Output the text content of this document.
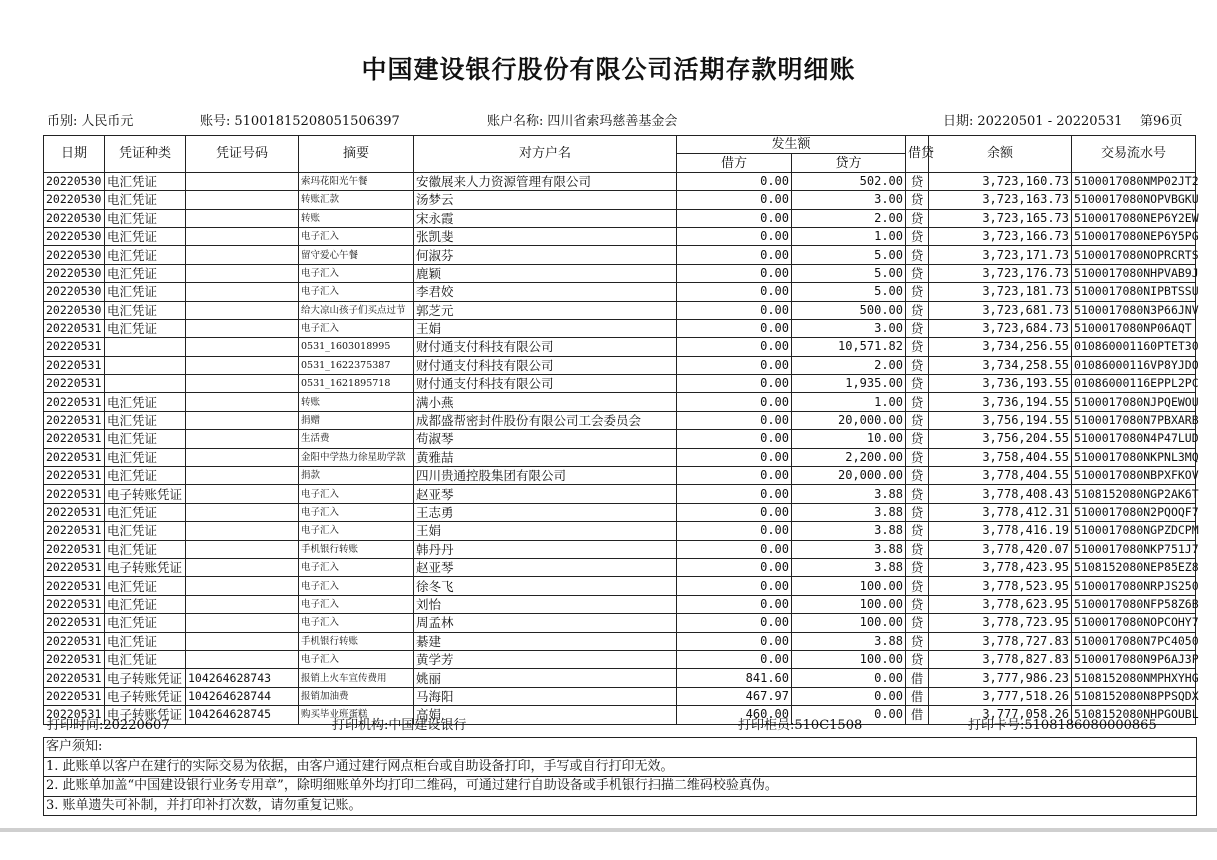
中国建设银行股份有限公司活期存款明细账
币别: 人民币元	账号: 51001815208051506397	账户名称: 四川省索玛慈善基金会	日期: 20220501 - 20220531 第96页
日期	凭证种类	凭证号码	摘要	对方户名	发生额		借贷	余额	交易流水号
					借方	贷方			
20220530	电汇凭证		索玛花阳光午餐	安徽展来人力资源管理有限公司	0.00	502.00	贷	3,723,160.73	5100017080NMP02JT2
20220530	电汇凭证		转账汇款	汤梦云	0.00	3.00	贷	3,723,163.73	5100017080NOPVBGKU
20220530	电汇凭证		转账	宋永霞	0.00	2.00	贷	3,723,165.73	5100017080NEP6Y2EW
20220530	电汇凭证		电子汇入	张凯斐	0.00	1.00	贷	3,723,166.73	5100017080NEP6Y5PG
20220530	电汇凭证		留守爱心午餐	何淑芬	0.00	5.00	贷	3,723,171.73	5100017080NOPRCRTS
20220530	电汇凭证		电子汇入	鹿颖	0.00	5.00	贷	3,723,176.73	5100017080NHPVAB9J
20220530	电汇凭证		电子汇入	李君姣	0.00	5.00	贷	3,723,181.73	5100017080NIPBTSSU
20220530	电汇凭证		给大凉山孩子们买点过节	郭芝元	0.00	500.00	贷	3,723,681.73	5100017080N3P66JNV
20220531	电汇凭证		电子汇入	王娟	0.00	3.00	贷	3,723,684.73	5100017080NP06AQT
20220531			0531_1603018995	财付通支付科技有限公司	0.00	10,571.82	贷	3,734,256.55	010860001160PTET30
20220531			0531_1622375387	财付通支付科技有限公司	0.00	2.00	贷	3,734,258.55	01086000116VP8YJDO
20220531			0531_1621895718	财付通支付科技有限公司	0.00	1,935.00	贷	3,736,193.55	01086000116EPPL2PC
20220531	电汇凭证		转账	满小燕	0.00	1.00	贷	3,736,194.55	5100017080NJPQEWOU
20220531	电汇凭证		捐赠	成都盛帮密封件股份有限公司工会委员会	0.00	20,000.00	贷	3,756,194.55	5100017080N7PBXARB
20220531	电汇凭证		生活费	苟淑琴	0.00	10.00	贷	3,756,204.55	5100017080N4P47LUD
20220531	电汇凭证		金阳中学热力徐星助学款	黄雅喆	0.00	2,200.00	贷	3,758,404.55	5100017080NKPNL3MQ
20220531	电汇凭证		捐款	四川贵通控股集团有限公司	0.00	20,000.00	贷	3,778,404.55	5100017080NBPXFKOV
20220531	电子转账凭证		电子汇入	赵亚琴	0.00	3.88	贷	3,778,408.43	5108152080NGP2AK6T
20220531	电汇凭证		电子汇入	王志勇	0.00	3.88	贷	3,778,412.31	5100017080N2PQOQF7
20220531	电汇凭证		电子汇入	王娟	0.00	3.88	贷	3,778,416.19	5100017080NGPZDCPM
20220531	电汇凭证		手机银行转账	韩丹丹	0.00	3.88	贷	3,778,420.07	5100017080NKP751J7
20220531	电子转账凭证		电子汇入	赵亚琴	0.00	3.88	贷	3,778,423.95	5108152080NEP85EZ8
20220531	电汇凭证		电子汇入	徐冬飞	0.00	100.00	贷	3,778,523.95	5100017080NRPJS250
20220531	电汇凭证		电子汇入	刘怡	0.00	100.00	贷	3,778,623.95	5100017080NFP58Z6B
20220531	电汇凭证		电子汇入	周孟林	0.00	100.00	贷	3,778,723.95	5100017080NOPCOHY7
20220531	电汇凭证		手机银行转账	綦建	0.00	3.88	贷	3,778,727.83	5100017080N7PC4050
20220531	电汇凭证		电子汇入	黄学芳	0.00	100.00	贷	3,778,827.83	5100017080N9P6AJ3P
20220531	电子转账凭证	104264628743	报销上火车宣传费用	姚丽	841.60	0.00	借	3,777,986.23	5108152080NMPHXYHG
20220531	电子转账凭证	104264628744	报销加油费	马海阳	467.97	0.00	借	3,777,518.26	5108152080N8PPSQDX
20220531	电子转账凭证	104264628745	购买毕业班蛋糕	高娟	460.00	0.00	借	3,777,058.26	5108152080NHPGOUBL
打印时间:20220607	打印机构:中国建设银行	打印柜员:510C1508	打印卡号:5108186080000865
客户须知:
1. 此账单以客户在建行的实际交易为依据，由客户通过建行网点柜台或自助设备打印，手写或自行打印无效。
2. 此账单加盖“中国建设银行业务专用章”，除明细账单外均打印二维码，可通过建行自助设备或手机银行扫描二维码校验真伪。
3. 账单遗失可补制，并打印补打次数，请勿重复记账。
